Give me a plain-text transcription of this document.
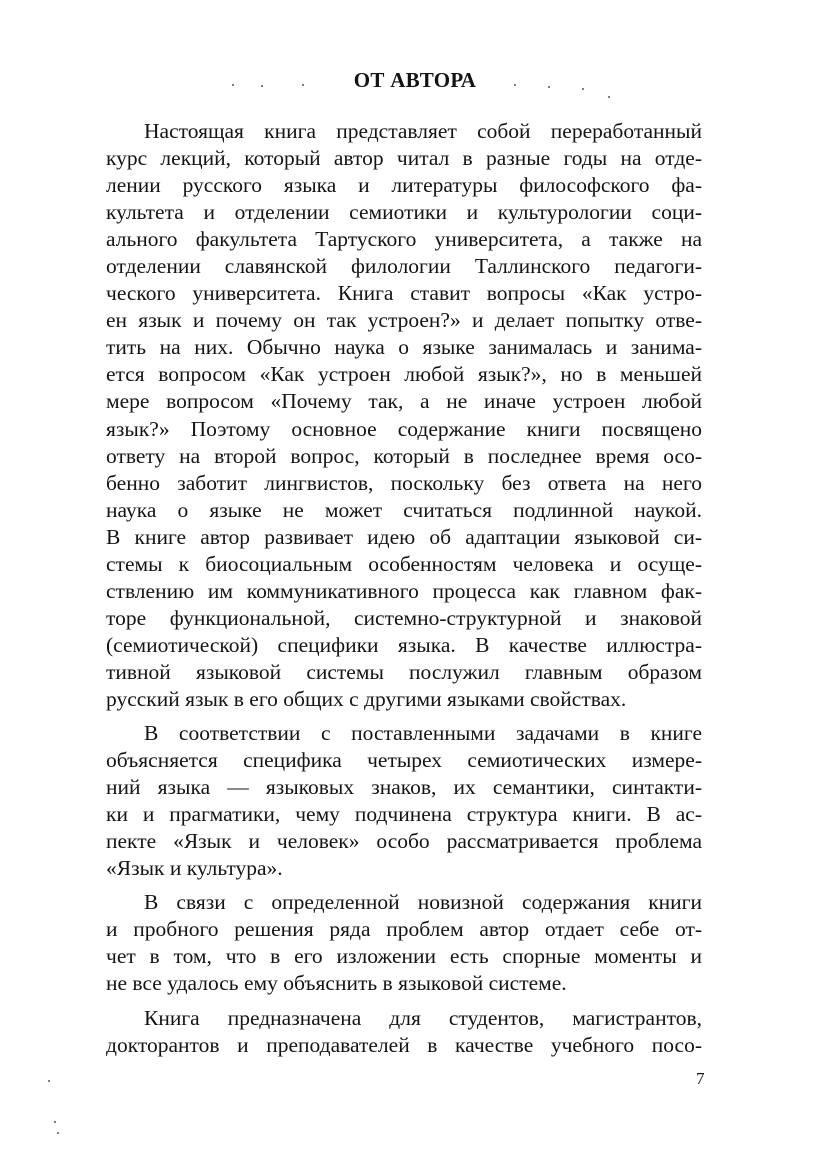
ОТ АВТОРА
Настоящая книга представляет собой переработанный
курс лекций, который автор читал в разные годы на отде-
лении русского языка и литературы философского фа-
культета и отделении семиотики и культурологии соци-
ального факультета Тартуского университета, а также на
отделении славянской филологии Таллинского педагоги-
ческого университета. Книга ставит вопросы «Как устро-
ен язык и почему он так устроен?» и делает попытку отве-
тить на них. Обычно наука о языке занималась и занима-
ется вопросом «Как устроен любой язык?», но в меньшей
мере вопросом «Почему так, а не иначе устроен любой
язык?» Поэтому основное содержание книги посвящено
ответу на второй вопрос, который в последнее время осо-
бенно заботит лингвистов, поскольку без ответа на него
наука о языке не может считаться подлинной наукой.
В книге автор развивает идею об адаптации языковой си-
стемы к биосоциальным особенностям человека и осуще-
ствлению им коммуникативного процесса как главном фак-
торе функциональной, системно-структурной и знаковой
(семиотической) специфики языка. В качестве иллюстра-
тивной языковой системы послужил главным образом
русский язык в его общих с другими языками свойствах.
В соответствии с поставленными задачами в книге
объясняется специфика четырех семиотических измере-
ний языка — языковых знаков, их семантики, синтакти-
ки и прагматики, чему подчинена структура книги. В ас-
пекте «Язык и человек» особо рассматривается проблема
«Язык и культура».
В связи с определенной новизной содержания книги
и пробного решения ряда проблем автор отдает себе от-
чет в том, что в его изложении есть спорные моменты и
не все удалось ему объяснить в языковой системе.
Книга предназначена для студентов, магистрантов,
докторантов и преподавателей в качестве учебного посо-
7
